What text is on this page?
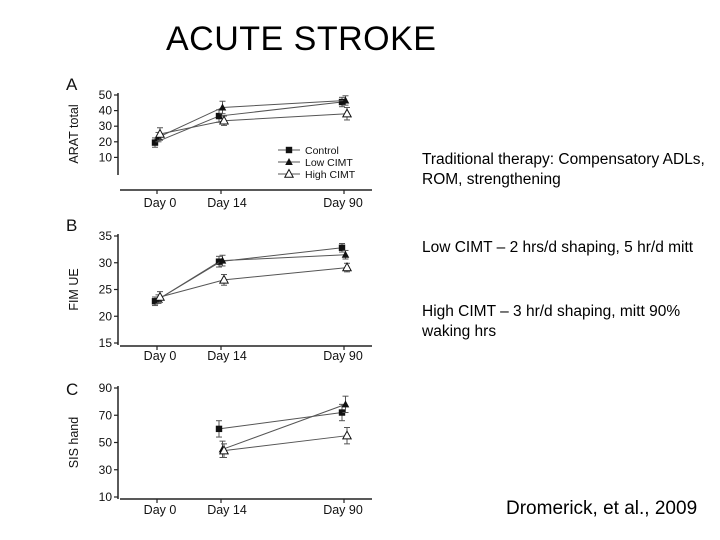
ACUTE STROKE
A
10
20
30
40
50
ARAT total
Day 0 Day 14	Day 90
Control
Low CIMT
High CIMT
B
15
20
25
30
35
FIM UE
Day 0 Day 14	Day 90
C
10
30
50
70
90
SIS hand
Day 0 Day 14	Day 90
Traditional therapy: Compensatory ADLs, ROM, strengthening
Low CIMT – 2 hrs/d shaping, 5 hr/d mitt
High CIMT – 3 hr/d shaping, mitt 90% waking hrs
Dromerick, et al., 2009
